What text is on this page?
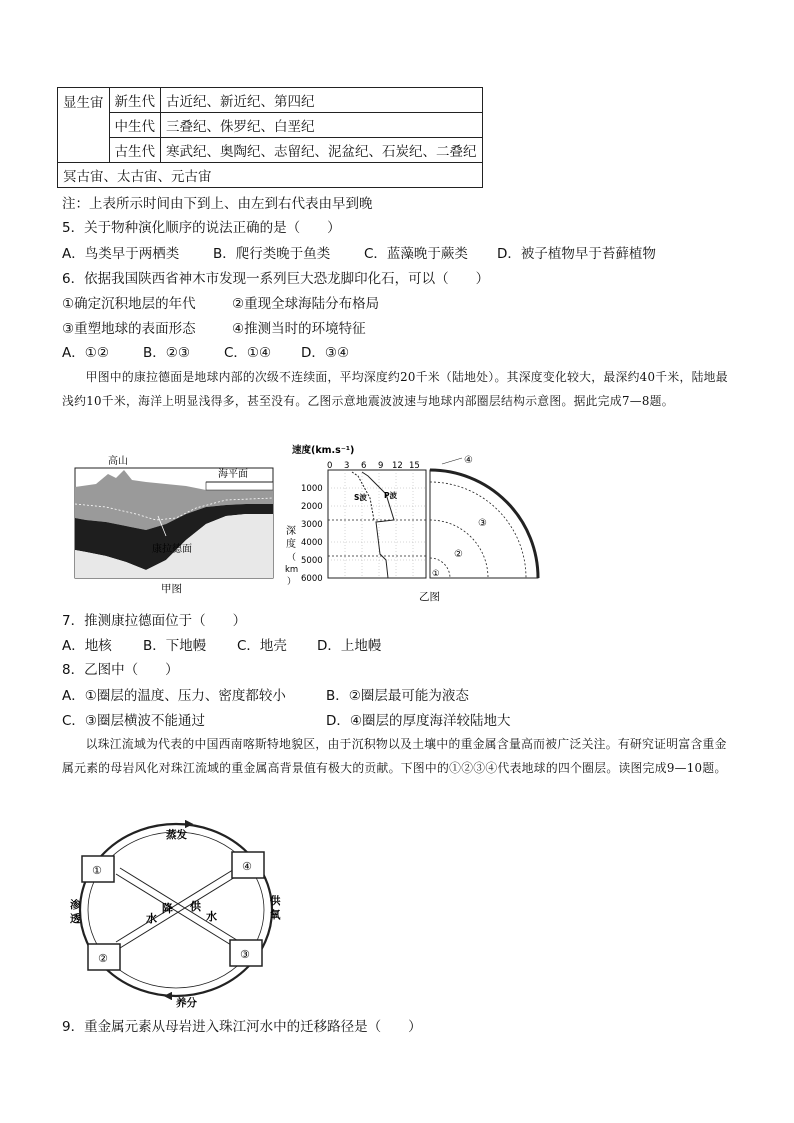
显生宙	新生代	古近纪、新近纪、第四纪
	中生代	三叠纪、侏罗纪、白垩纪
	古生代	寒武纪、奥陶纪、志留纪、泥盆纪、石炭纪、二叠纪
冥古宙、太古宙、元古宙		
注：上表所示时间由下到上、由左到右代表由早到晚
5．关于物种演化顺序的说法正确的是（　　）
A．鸟类早于两栖类	B．爬行类晚于鱼类 C．蓝藻晚于蕨类 D．被子植物早于苔藓植物
6．依据我国陕西省神木市发现一系列巨大恐龙脚印化石，可以（　　）
①确定沉积地层的年代	②重现全球海陆分布格局
③重塑地球的表面形态	④推测当时的环境特征
A．①②	B．②③	C．①④ D．③④
甲图中的康拉德面是地球内部的次级不连续面，平均深度约20千米（陆地处）。其深度变化较大，最深约40千米，陆地最浅约10千米，海洋上明显浅得多，甚至没有。乙图示意地震波波速与地球内部圈层结构示意图。据此完成7—8题。
高山
海平面
康拉德面
甲图
速度(km.s⁻¹)
0 3 6 9 12 15
1000
2000
3000
4000
5000
6000
深
度
（
km
）
S波 P波
①
②
③
④
乙图
7．推测康拉德面位于（　　）
A．地核 B．下地幔 C．地壳 D．上地幔
8．乙图中（　　）
A．①圈层的温度、压力、密度都较小	B．②圈层最可能为液态
C．③圈层横波不能通过	D．④圈层的厚度海洋较陆地大
以珠江流域为代表的中国西南喀斯特地貌区，由于沉积物以及土壤中的重金属含量高而被广泛关注。有研究证明富含重金属元素的母岩风化对珠江流域的重金属高背景值有极大的贡献。下图中的①②③④代表地球的四个圈层。读图完成9—10题。
①
②	③
④
蒸发
养分
渗
透
供
氧
水
降 供
水
9．重金属元素从母岩进入珠江河水中的迁移路径是（　　）
